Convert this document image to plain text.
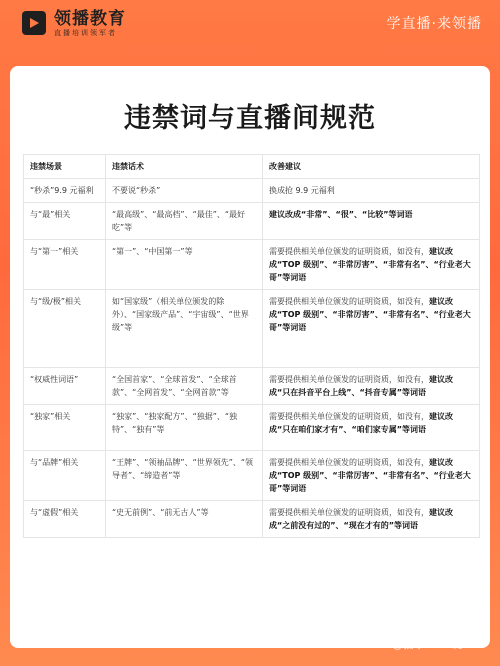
领播教育
直播培训领军者
学直播·来领播
违禁词与直播间规范
违禁场景	违禁话术	改善建议
“秒杀”9.9 元福利	不要说“秒杀”	换成抢 9.9 元福利
与“最”相关	“最高级”、“最高档”、“最佳”、“最好吃”等	建议改成“非常”、“很”、“比较”等词语
与“第一”相关	“第一”、“中国第一”等	需要提供相关单位颁发的证明资质，如没有，建议改成“TOP 级别”、“非常厉害”、“非常有名”、“行业老大哥”等词语
与“级/极”相关	如“国家级”（相关单位颁发的除外）、“国家级产品”、“宇宙级”、“世界级”等	需要提供相关单位颁发的证明资质，如没有，建议改成“TOP 级别”、“非常厉害”、“非常有名”、“行业老大哥”等词语
“权威性词语”	“全国首家”、“全球首发”、“全球首款”、“全网首发”、“全网首款”等	需要提供相关单位颁发的证明资质，如没有，建议改成“只在抖音平台上线”、“抖音专属”等词语
“独家”相关	“独家”、“独家配方”、“独据”、“独特”、“独有”等	需要提供相关单位颁发的证明资质，如没有，建议改成“只在咱们家才有”、“咱们家专属”等词语
与“品牌”相关	“王牌”、“领袖品牌”、“世界领先”、“领导者”、“缔造者”等	需要提供相关单位颁发的证明资质，如没有，建议改成“TOP 级别”、“非常厉害”、“非常有名”、“行业老大哥”等词语
与“虚假”相关	“史无前例”、“前无古人”等	需要提供相关单位颁发的证明资质，如没有，建议改成“之前没有过的”、“现在才有的”等词语
@猫子talks说
